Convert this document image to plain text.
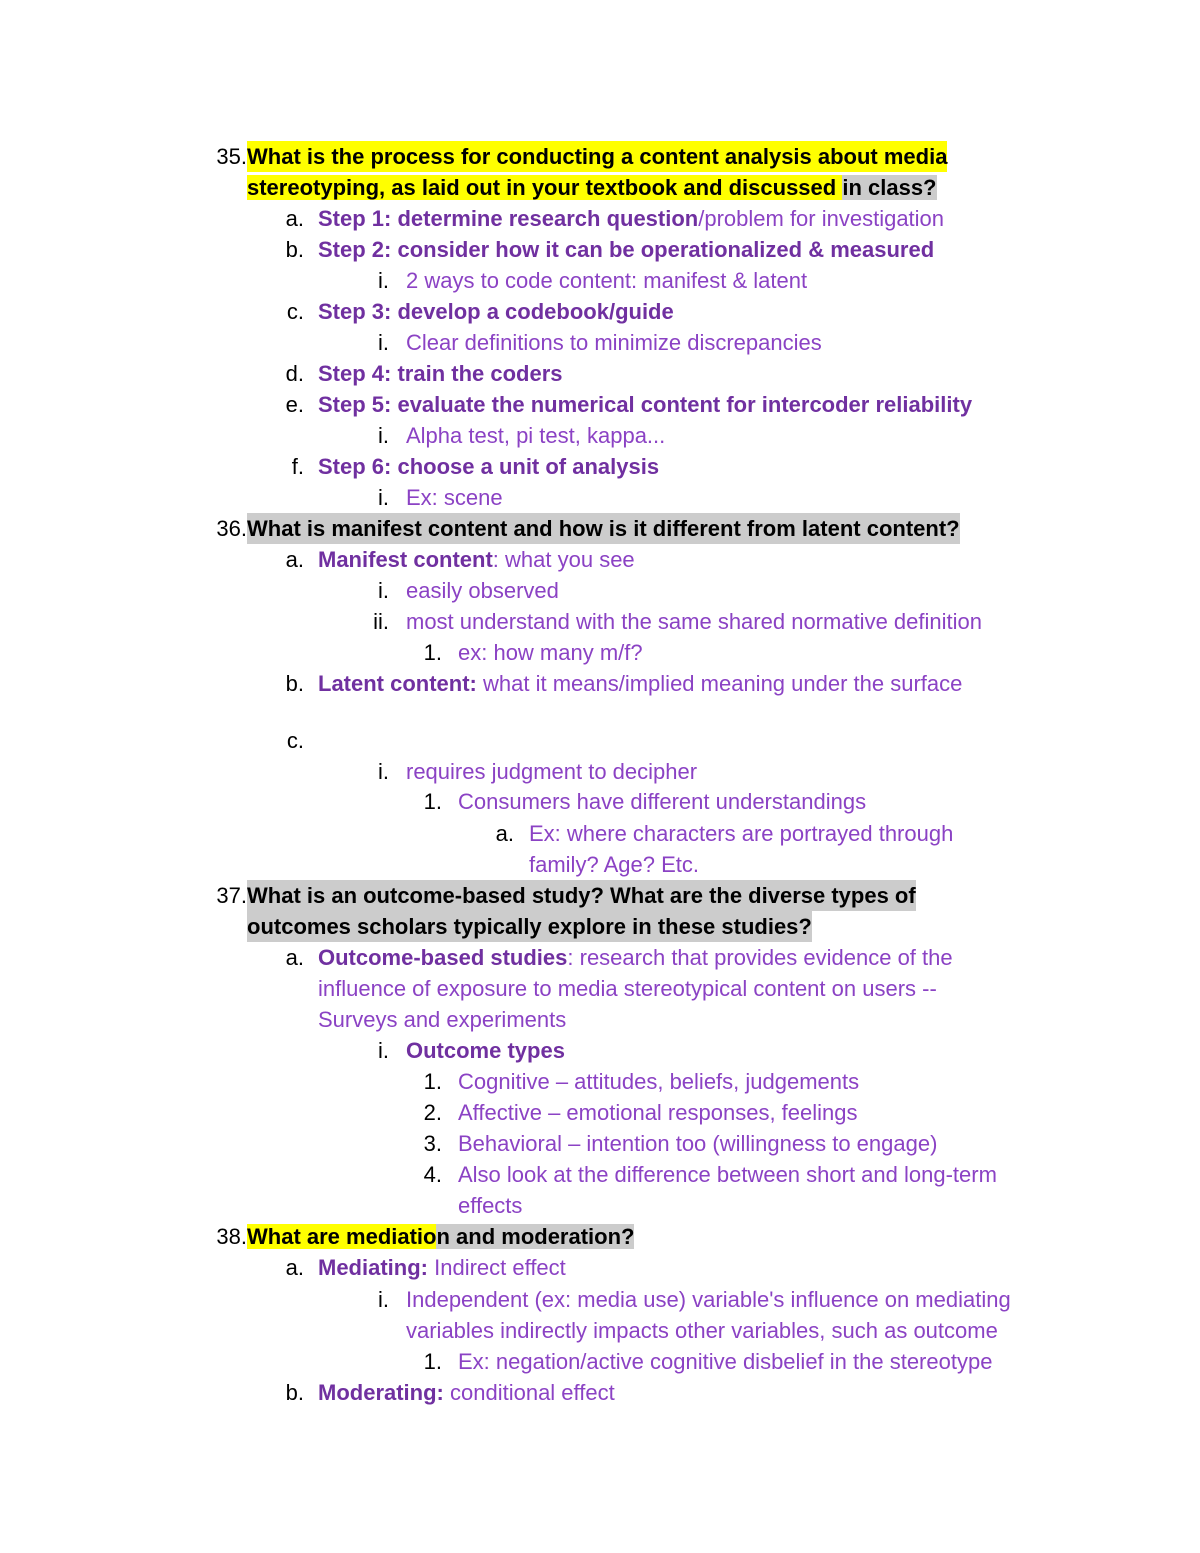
35. What is the process for conducting a content analysis about media
stereotyping, as laid out in your textbook and discussed in class?
a. Step 1: determine research question/problem for investigation
b. Step 2: consider how it can be operationalized & measured
i. 2 ways to code content: manifest & latent
c. Step 3: develop a codebook/guide
i. Clear definitions to minimize discrepancies
d. Step 4: train the coders
e. Step 5: evaluate the numerical content for intercoder reliability
i. Alpha test, pi test, kappa...
f. Step 6: choose a unit of analysis
i. Ex: scene
36. What is manifest content and how is it different from latent content?
a. Manifest content: what you see
i. easily observed
ii. most understand with the same shared normative definition
1. ex: how many m/f?
b. Latent content: what it means/implied meaning under the surface
c.
i. requires judgment to decipher
1. Consumers have different understandings
a. Ex: where characters are portrayed through
family? Age? Etc.
37. What is an outcome-based study? What are the diverse types of
outcomes scholars typically explore in these studies?
a. Outcome-based studies: research that provides evidence of the
influence of exposure to media stereotypical content on users --
Surveys and experiments
i. Outcome types
1. Cognitive – attitudes, beliefs, judgements
2. Affective – emotional responses, feelings
3. Behavioral – intention too (willingness to engage)
4. Also look at the difference between short and long-term
effects
38. What are mediation and moderation?
a. Mediating: Indirect effect
i. Independent (ex: media use) variable's influence on mediating
variables indirectly impacts other variables, such as outcome
1. Ex: negation/active cognitive disbelief in the stereotype
b. Moderating: conditional effect
